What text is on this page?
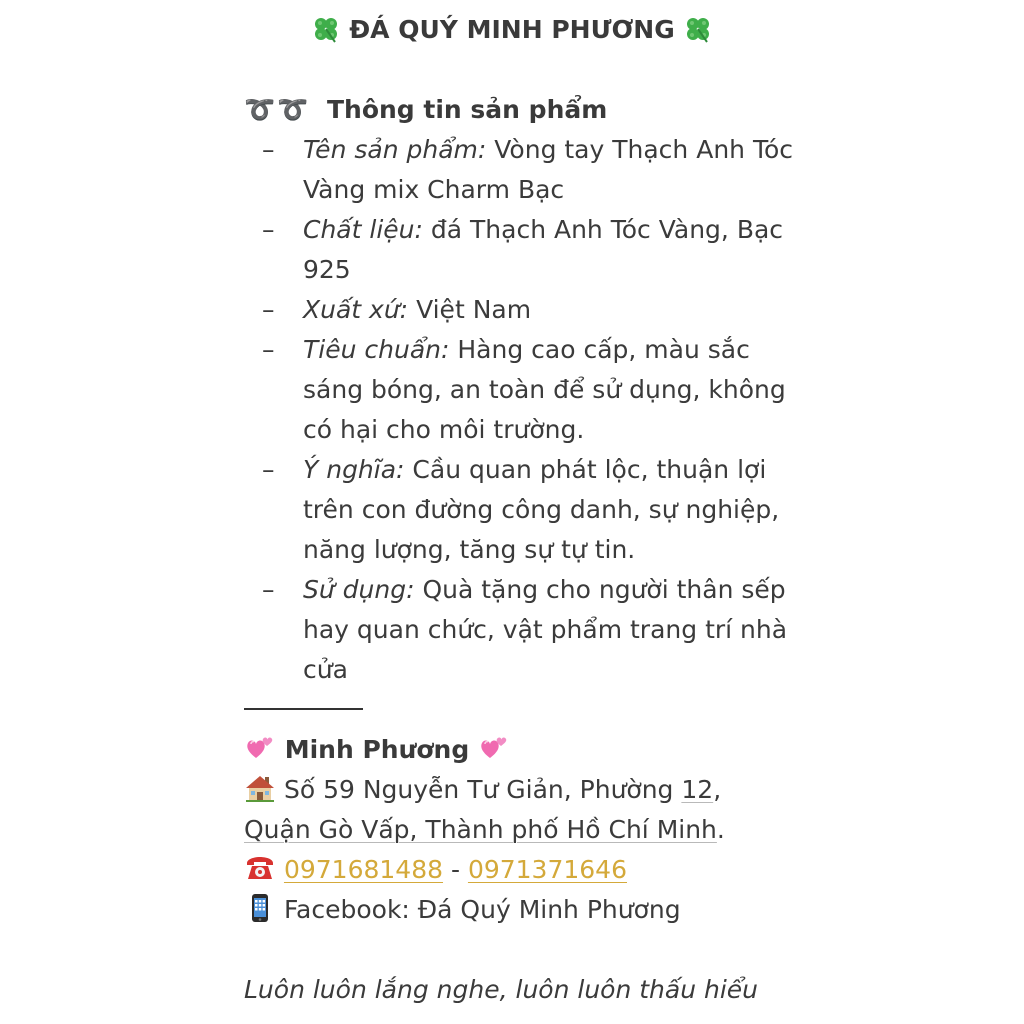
ĐÁ QUÝ MINH PHƯƠNG
➰➰ Thông tin sản phẩm
– Tên sản phẩm: Vòng tay Thạch Anh Tóc Vàng mix Charm Bạc
– Chất liệu: đá Thạch Anh Tóc Vàng, Bạc 925
– Xuất xứ: Việt Nam
– Tiêu chuẩn: Hàng cao cấp, màu sắc sáng bóng, an toàn để sử dụng, không có hại cho môi trường.
– Ý nghĩa: Cầu quan phát lộc, thuận lợi trên con đường công danh, sự nghiệp, năng lượng, tăng sự tự tin.
– Sử dụng: Quà tặng cho người thân sếp hay quan chức, vật phẩm trang trí nhà cửa
Minh Phương
Số 59 Nguyễn Tư Giản, Phường 12, Quận Gò Vấp, Thành phố Hồ Chí Minh.
0971681488 - 0971371646
Facebook: Đá Quý Minh Phương
Luôn luôn lắng nghe, luôn luôn thấu hiểu
